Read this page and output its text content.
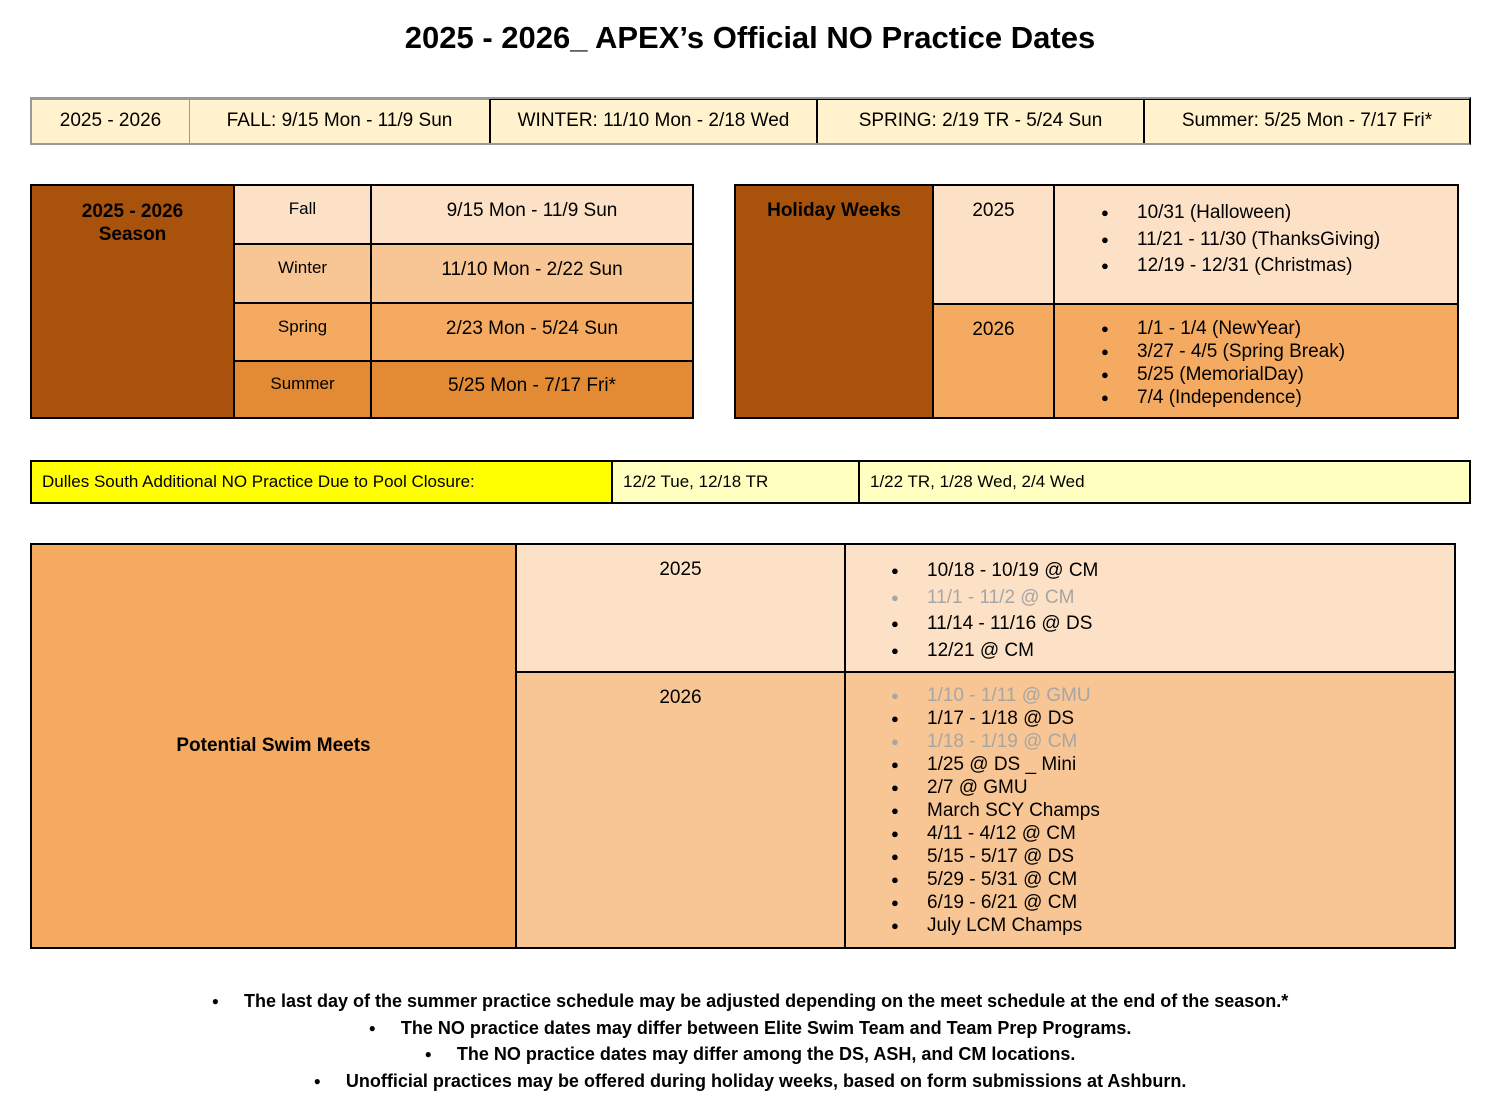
2025 - 2026_ APEX’s Official NO Practice Dates
2025 - 2026	FALL: 9/15 Mon - 11/9 Sun	WINTER: 11/10 Mon - 2/18 Wed	SPRING: 2/19 TR - 5/24 Sun	Summer: 5/25 Mon - 7/17 Fri*
2025 - 2026
Season
Fall	9/15 Mon - 11/9 Sun
Winter	11/10 Mon - 2/22 Sun
Spring	2/23 Mon - 5/24 Sun
Summer	5/25 Mon - 7/17 Fri*
Holiday Weeks	2025	● 10/31 (Halloween)
● 11/21 - 11/30 (ThanksGiving)
● 12/19 - 12/31 (Christmas)
2026	● 1/1 - 1/4 (NewYear)
● 3/27 - 4/5 (Spring Break)
● 5/25 (MemorialDay)
● 7/4 (Independence)
Dulles South Additional NO Practice Due to Pool Closure:	12/2 Tue, 12/18 TR	1/22 TR, 1/28 Wed, 2/4 Wed
Potential Swim Meets
2025	● 10/18 - 10/19 @ CM
● 11/1 - 11/2 @ CM
● 11/14 - 11/16 @ DS
● 12/21 @ CM
2026	● 1/10 - 1/11 @ GMU
● 1/17 - 1/18 @ DS
● 1/18 - 1/19 @ CM
● 1/25 @ DS _ Mini
● 2/7 @ GMU
● March SCY Champs
● 4/11 - 4/12 @ CM
● 5/15 - 5/17 @ DS
● 5/29 - 5/31 @ CM
● 6/19 - 6/21 @ CM
● July LCM Champs
● The last day of the summer practice schedule may be adjusted depending on the meet schedule at the end of the season.*
● The NO practice dates may differ between Elite Swim Team and Team Prep Programs.
● The NO practice dates may differ among the DS, ASH, and CM locations.
● Unofficial practices may be offered during holiday weeks, based on form submissions at Ashburn.
